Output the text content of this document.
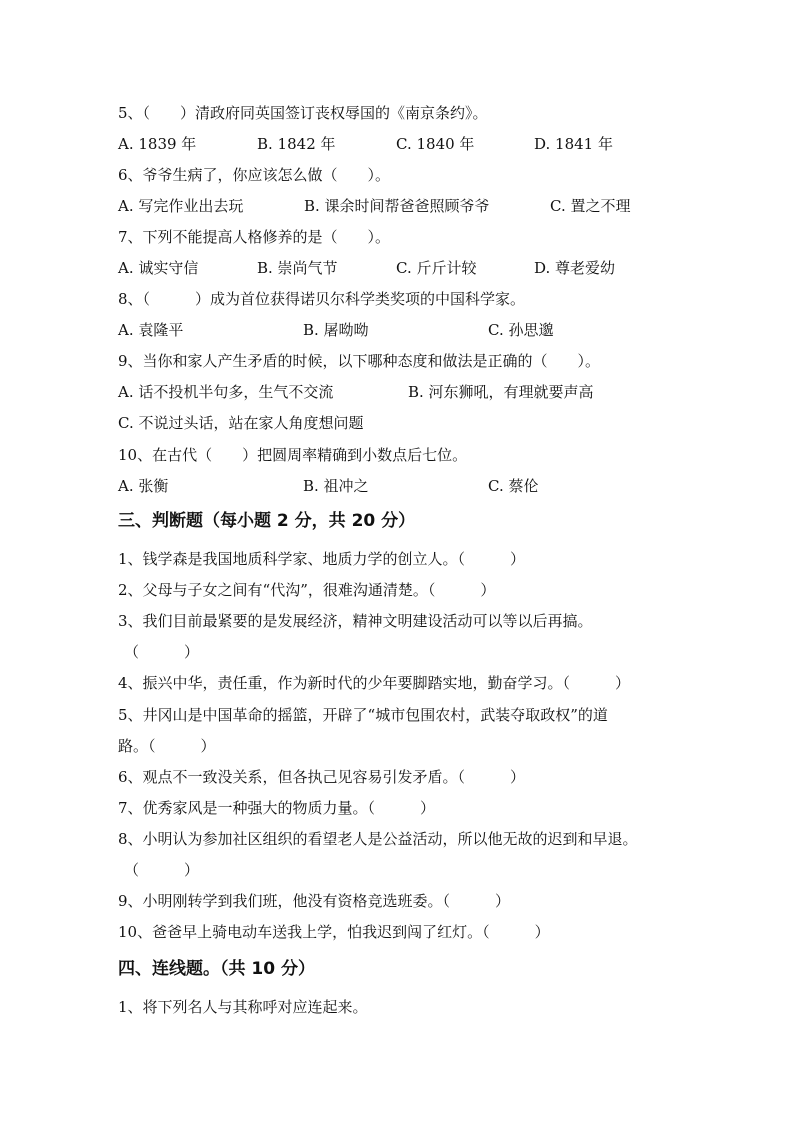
5、（　　）清政府同英国签订丧权辱国的《南京条约》。
A. 1839 年	B. 1842 年	C. 1840 年	D. 1841 年
6、爷爷生病了，你应该怎么做（　　）。
A. 写完作业出去玩	B. 课余时间帮爸爸照顾爷爷	C. 置之不理
7、下列不能提高人格修养的是（　　）。
A. 诚实守信	B. 崇尚气节	C. 斤斤计较	D. 尊老爱幼
8、（　　　）成为首位获得诺贝尔科学类奖项的中国科学家。
A. 袁隆平	B. 屠呦呦	C. 孙思邈
9、当你和家人产生矛盾的时候，以下哪种态度和做法是正确的（　　）。
A. 话不投机半句多，生气不交流	B. 河东狮吼，有理就要声高
C. 不说过头话，站在家人角度想问题
10、在古代（　　）把圆周率精确到小数点后七位。
A. 张衡	B. 祖冲之	C. 蔡伦
三、判断题（每小题 2 分，共 20 分）
1、钱学森是我国地质科学家、地质力学的创立人。（　　　）
2、父母与子女之间有“代沟”，很难沟通清楚。（　　　）
3、我们目前最紧要的是发展经济，精神文明建设活动可以等以后再搞。
（　　　）
4、振兴中华，责任重，作为新时代的少年要脚踏实地，勤奋学习。（　　　）
5、井冈山是中国革命的摇篮，开辟了“城市包围农村，武装夺取政权”的道
路。（　　　）
6、观点不一致没关系，但各执己见容易引发矛盾。（　　　）
7、优秀家风是一种强大的物质力量。（　　　）
8、小明认为参加社区组织的看望老人是公益活动，所以他无故的迟到和早退。
（　　　）
9、小明刚转学到我们班，他没有资格竞选班委。（　　　）
10、爸爸早上骑电动车送我上学，怕我迟到闯了红灯。（　　　）
四、连线题。（共 10 分）
1、将下列名人与其称呼对应连起来。
